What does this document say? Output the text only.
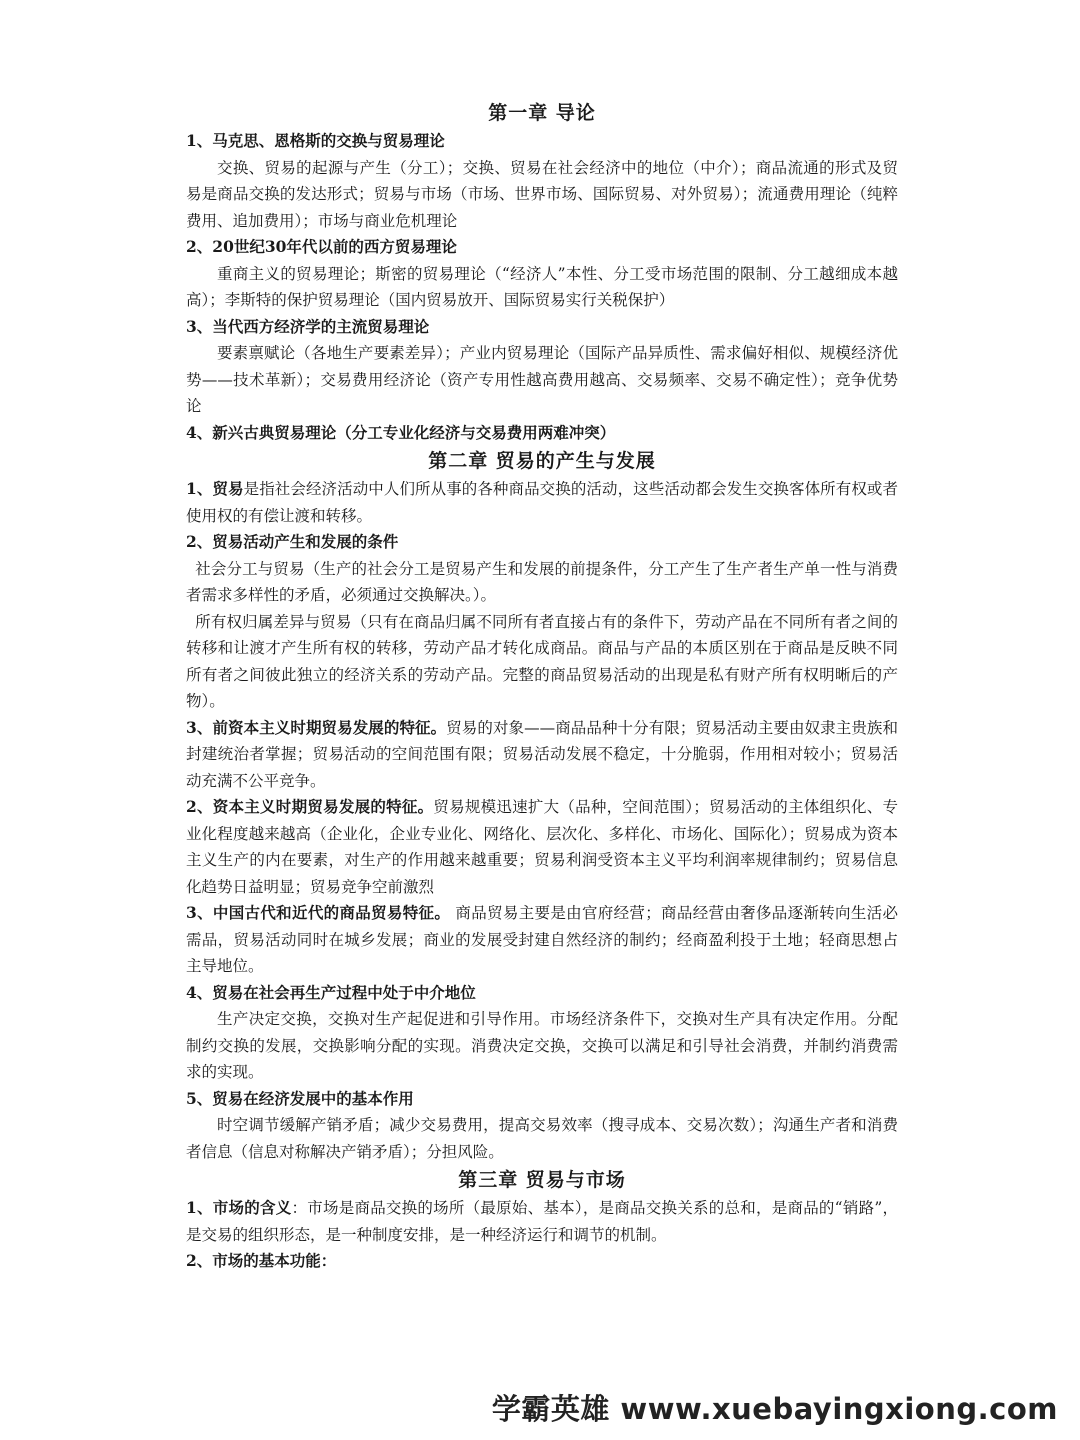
第一章 导论
1、马克思、恩格斯的交换与贸易理论
交换、贸易的起源与产生（分工）；交换、贸易在社会经济中的地位（中介）；商品流通的形式及贸易是商品交换的发达形式；贸易与市场（市场、世界市场、国际贸易、对外贸易）；流通费用理论（纯粹费用、追加费用）；市场与商业危机理论
2、20世纪30年代以前的西方贸易理论
重商主义的贸易理论；斯密的贸易理论（“经济人”本性、分工受市场范围的限制、分工越细成本越高）；李斯特的保护贸易理论（国内贸易放开、国际贸易实行关税保护）
3、当代西方经济学的主流贸易理论
要素禀赋论（各地生产要素差异）；产业内贸易理论（国际产品异质性、需求偏好相似、规模经济优势——技术革新）；交易费用经济论（资产专用性越高费用越高、交易频率、交易不确定性）；竞争优势论
4、新兴古典贸易理论（分工专业化经济与交易费用两难冲突）
第二章 贸易的产生与发展
1、贸易是指社会经济活动中人们所从事的各种商品交换的活动，这些活动都会发生交换客体所有权或者使用权的有偿让渡和转移。
2、贸易活动产生和发展的条件
社会分工与贸易（生产的社会分工是贸易产生和发展的前提条件，分工产生了生产者生产单一性与消费者需求多样性的矛盾，必须通过交换解决。）。
所有权归属差异与贸易（只有在商品归属不同所有者直接占有的条件下，劳动产品在不同所有者之间的转移和让渡才产生所有权的转移，劳动产品才转化成商品。商品与产品的本质区别在于商品是反映不同所有者之间彼此独立的经济关系的劳动产品。完整的商品贸易活动的出现是私有财产所有权明晰后的产物）。
3、前资本主义时期贸易发展的特征。贸易的对象——商品品种十分有限；贸易活动主要由奴隶主贵族和封建统治者掌握；贸易活动的空间范围有限；贸易活动发展不稳定，十分脆弱，作用相对较小；贸易活动充满不公平竞争。
2、资本主义时期贸易发展的特征。贸易规模迅速扩大（品种，空间范围）；贸易活动的主体组织化、专业化程度越来越高（企业化，企业专业化、网络化、层次化、多样化、市场化、国际化）；贸易成为资本主义生产的内在要素，对生产的作用越来越重要；贸易利润受资本主义平均利润率规律制约；贸易信息化趋势日益明显；贸易竞争空前激烈
3、中国古代和近代的商品贸易特征。 商品贸易主要是由官府经营；商品经营由奢侈品逐渐转向生活必需品，贸易活动同时在城乡发展；商业的发展受封建自然经济的制约；经商盈利投于土地；轻商思想占主导地位。
4、贸易在社会再生产过程中处于中介地位
生产决定交换，交换对生产起促进和引导作用。市场经济条件下，交换对生产具有决定作用。分配制约交换的发展，交换影响分配的实现。消费决定交换，交换可以满足和引导社会消费，并制约消费需求的实现。
5、贸易在经济发展中的基本作用
时空调节缓解产销矛盾；减少交易费用，提高交易效率（搜寻成本、交易次数）；沟通生产者和消费者信息（信息对称解决产销矛盾）；分担风险。
第三章 贸易与市场
1、市场的含义：市场是商品交换的场所（最原始、基本），是商品交换关系的总和，是商品的“销路”，是交易的组织形态，是一种制度安排，是一种经济运行和调节的机制。
2、市场的基本功能：
学霸英雄 www.xuebayingxiong.com
